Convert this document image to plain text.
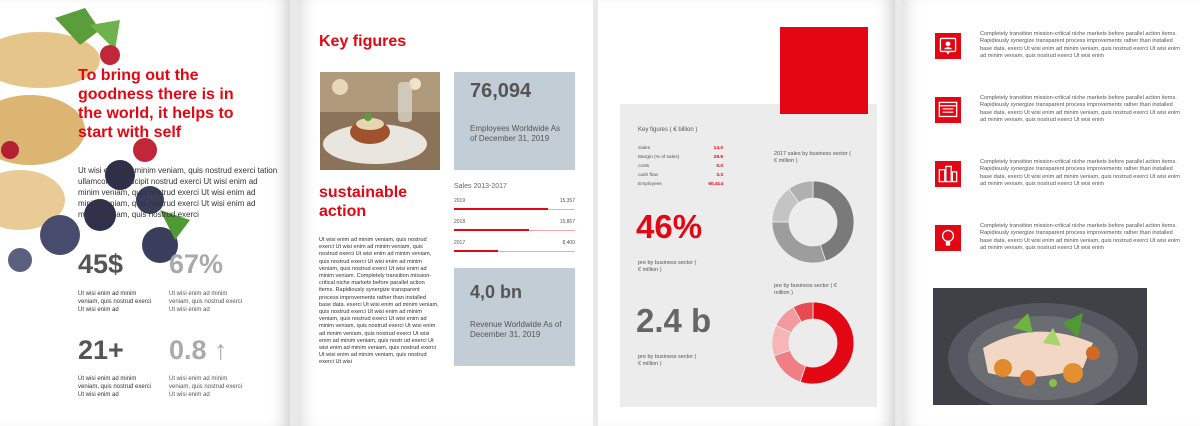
To bring out the goodness there is in the world, it helps to start with self
Ut wisi enim ad minim veniam, quis nostrud exerci tation ullamcorper suscipit nostrud exerci Ut wisi enim ad minim veniam, quis nostrud exerci Ut wisi enim ad minim veniam, quis nostrud exerci Ut wisi enim ad minim veniam, quis nostrud exerci
45$
Ut wisi enim ad minim veniam, quis nostrud exerci Ut wisi enim ad
67%
Ut wisi enim ad minim veniam, quis nostrud exerci Ut wisi enim ad
21+
Ut wisi enim ad minim veniam, quis nostrud exerci Ut wisi enim ad
0.8 ↑
Ut wisi enim ad minim veniam, quis nostrud exerci Ut wisi enim ad
Key figures
76,094
Employees Worldwide As of December 31, 2019
sustainable action
Ut wisi enim ad minim veniam, quis nostrud exerci Ut wisi enim ad minim veniam, quis nostrud exerci Ut wisi enim ad minim veniam, quis nostrud exerci Ut wisi enim ad minim veniam, quis nostrud exerci Ut wisi enim ad minim veniam. Completely transition mission-critical niche markets before parallel action items. Rapidiously synergize transparent process improvements rather than installed base data. exerci Ut wisi enim ad minim veniam, quis nostrud exerci Ut wisi enim ad minim veniam, quis nostrud exerci Ut wisi enim ad minim veniam, quis nostrud exerci Ut wisi enim ad minim veniam, quis nostrud exerci Ut wisi enim ad minim veniam, quis nostr ud exerci Ut wisi enim ad minim veniam, quis nostrud exerci Ut wisi enim ad minim veniam, quis nostrud exerci Ut wisi
Sales 2013-2017
2019	15,357
2018	15,867
2017	8,400
4,0 bn
Revenue Worldwide As of December 31, 2019
Key figures ( € billion )
Sales	14.0
Margin (% of sales)	29.9
costs	0.0
cash flow	3.3
Employees	60,414
2017 sales by business sector ( € million )
46%
pre by business sector ( € million )
pre by business sector ( € million )
2.4 b
pre by business sector ( € million )
Completely transition mission-critical niche markets before parallel action items. Rapidiously synergize transparent process improvements rather than installed base data. exerci Ut wisi enim ad minim veniam, quis nostrud exerci Ut wisi enim ad minim veniam, quis nostrud exerci Ut wisi enim
Completely transition mission-critical niche markets before parallel action items. Rapidiously synergize transparent process improvements rather than installed base data. exerci Ut wisi enim ad minim veniam, quis nostrud exerci Ut wisi enim ad minim veniam, quis nostrud exerci Ut wisi enim
Completely transition mission-critical niche markets before parallel action items. Rapidiously synergize transparent process improvements rather than installed base data. exerci Ut wisi enim ad minim veniam, quis nostrud exerci Ut wisi enim ad minim veniam, quis nostrud exerci Ut wisi enim
Completely transition mission-critical niche markets before parallel action items. Rapidiously synergize transparent process improvements rather than installed base data. exerci Ut wisi enim ad minim veniam, quis nostrud exerci Ut wisi enim ad minim veniam, quis nostrud exerci Ut wisi enim
